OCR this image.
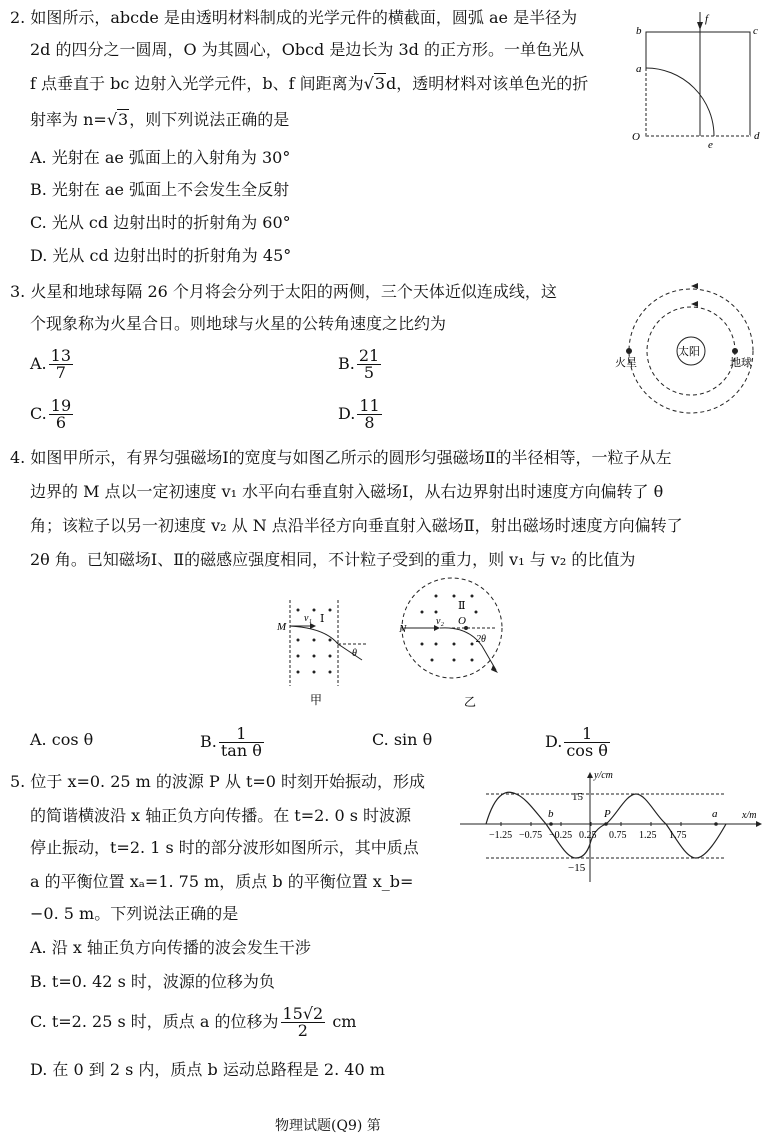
2. 如图所示，abcde 是由透明材料制成的光学元件的横截面，圆弧 ae 是半径为
2d 的四分之一圆周，O 为其圆心，Obcd 是边长为 3d 的正方形。一单色光从
f 点垂直于 bc 边射入光学元件，b、f 间距离为√3d，透明材料对该单色光的折
射率为 n=√3，则下列说法正确的是
A. 光射在 ae 弧面上的入射角为 30°
B. 光射在 ae 弧面上不会发生全反射
C. 光从 cd 边射出时的折射角为 60°
D. 光从 cd 边射出时的折射角为 45°
b	c
d
a
e
O
f
3. 火星和地球每隔 26 个月将会分列于太阳的两侧，三个天体近似连成线，这
个现象称为火星合日。则地球与火星的公转角速度之比约为
A. $\frac{13}{7}$	B. $\frac{21}{5}$
C. $\frac{19}{6}$	D. $\frac{11}{8}$
太阳
火星	地球
4. 如图甲所示，有界匀强磁场Ⅰ的宽度与如图乙所示的圆形匀强磁场Ⅱ的半径相等，一粒子从左
边界的 M 点以一定初速度 v₁ 水平向右垂直射入磁场Ⅰ，从右边界射出时速度方向偏转了 θ
角；该粒子以另一初速度 v₂ 从 N 点沿半径方向垂直射入磁场Ⅱ，射出磁场时速度方向偏转了
2θ 角。已知磁场Ⅰ、Ⅱ的磁感应强度相同，不计粒子受到的重力，则 v₁ 与 v₂ 的比值为
M
v₁ Ⅰ
θ
甲
N
v₂ O
Ⅱ
2θ
乙
A. cos θ	B. $\frac{1}{\text{tan θ}}$	C. sin θ	D. $\frac{1}{\text{cos θ}}$
5. 位于 x=0. 25 m 的波源 P 从 t=0 时刻开始振动，形成
的简谐横波沿 x 轴正负方向传播。在 t=2. 0 s 时波源
停止振动，t=2. 1 s 时的部分波形如图所示，其中质点
a 的平衡位置 xₐ=1. 75 m，质点 b 的平衡位置 x_b=
−0. 5 m。下列说法正确的是
A. 沿 x 轴正负方向传播的波会发生干涉
B. t=0. 42 s 时，波源的位移为负
C. t=2. 25 s 时，质点 a 的位移为 $\frac{15√2}{2}$ cm
D. 在 0 到 2 s 内，质点 b 运动总路程是 2. 40 m
−1.25 −0.75 −0.25 0.25 0.75 1.25 1.75
y/cm
x/m
15
−15
P	a
b
物理试题(Q9) 第
